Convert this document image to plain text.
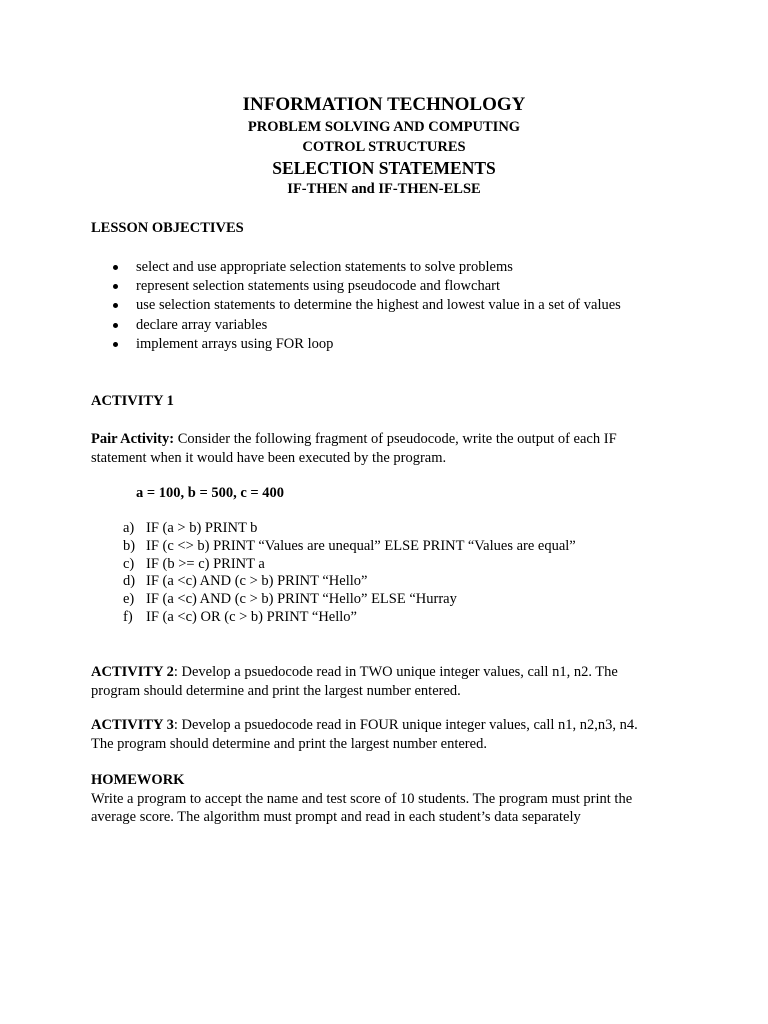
INFORMATION TECHNOLOGY
PROBLEM SOLVING AND COMPUTING
COTROL STRUCTURES
SELECTION STATEMENTS
IF-THEN and IF-THEN-ELSE
LESSON OBJECTIVES
select and use appropriate selection statements to solve problems
represent selection statements using pseudocode and flowchart
use selection statements to determine the highest and lowest value in a set of values
declare array variables
implement arrays using FOR loop
ACTIVITY 1
Pair Activity: Consider the following fragment of pseudocode, write the output of each IF
statement when it would have been executed by the program.
a = 100, b = 500, c = 400
a) IF (a > b) PRINT b
b) IF (c <> b) PRINT “Values are unequal” ELSE PRINT “Values are equal”
c) IF (b >= c) PRINT a
d) IF (a <c) AND (c > b) PRINT “Hello”
e) IF (a <c) AND (c > b) PRINT “Hello” ELSE “Hurray
f) IF (a <c) OR (c > b) PRINT “Hello”
ACTIVITY 2: Develop a psuedocode read in TWO unique integer values, call n1, n2. The
program should determine and print the largest number entered.
ACTIVITY 3: Develop a psuedocode read in FOUR unique integer values, call n1, n2,n3, n4.
The program should determine and print the largest number entered.
HOMEWORK
Write a program to accept the name and test score of 10 students. The program must print the
average score. The algorithm must prompt and read in each student’s data separately
